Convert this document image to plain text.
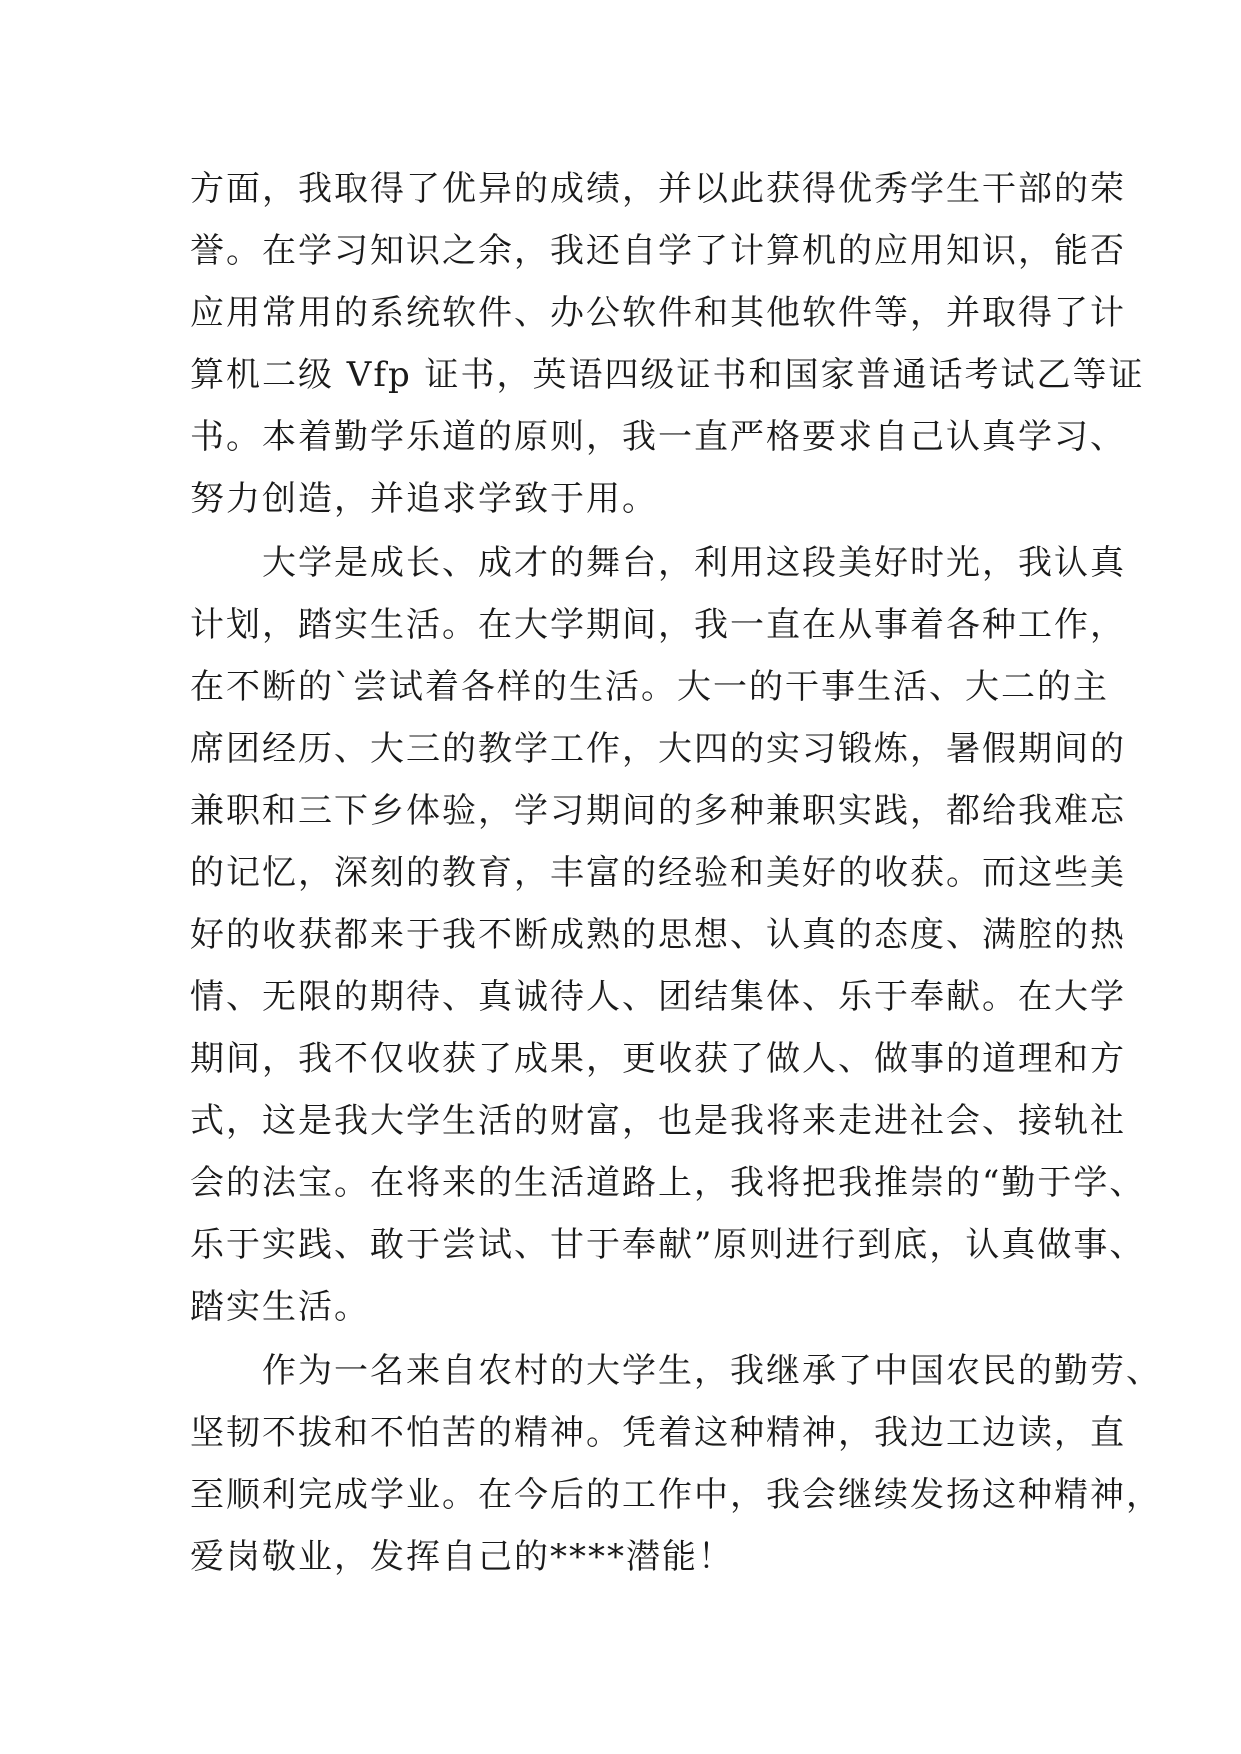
方面，我取得了优异的成绩，并以此获得优秀学生干部的荣
誉。在学习知识之余，我还自学了计算机的应用知识，能否
应用常用的系统软件、办公软件和其他软件等，并取得了计
算机二级 Vfp 证书，英语四级证书和国家普通话考试乙等证
书。本着勤学乐道的原则，我一直严格要求自己认真学习、
努力创造，并追求学致于用。
　　大学是成长、成才的舞台，利用这段美好时光，我认真
计划，踏实生活。在大学期间，我一直在从事着各种工作，
在不断的`尝试着各样的生活。大一的干事生活、大二的主
席团经历、大三的教学工作，大四的实习锻炼，暑假期间的
兼职和三下乡体验，学习期间的多种兼职实践，都给我难忘
的记忆，深刻的教育，丰富的经验和美好的收获。而这些美
好的收获都来于我不断成熟的思想、认真的态度、满腔的热
情、无限的期待、真诚待人、团结集体、乐于奉献。在大学
期间，我不仅收获了成果，更收获了做人、做事的道理和方
式，这是我大学生活的财富，也是我将来走进社会、接轨社
会的法宝。在将来的生活道路上，我将把我推崇的“勤于学、
乐于实践、敢于尝试、甘于奉献”原则进行到底，认真做事、
踏实生活。
　　作为一名来自农村的大学生，我继承了中国农民的勤劳、
坚韧不拔和不怕苦的精神。凭着这种精神，我边工边读，直
至顺利完成学业。在今后的工作中，我会继续发扬这种精神，
爱岗敬业，发挥自己的****潜能！
